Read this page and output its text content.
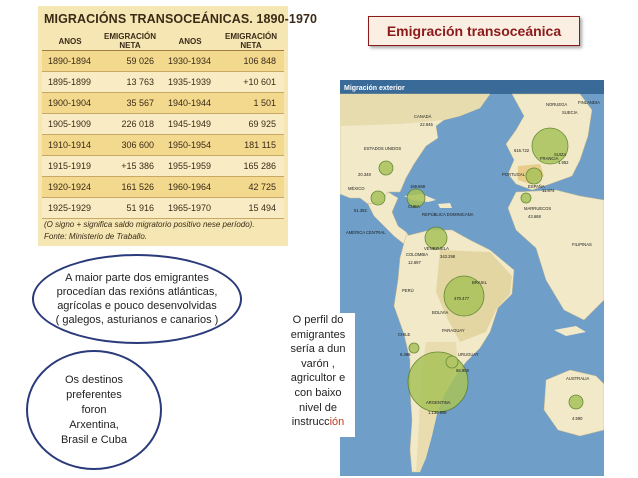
MIGRACIÓNS TRANSOCEÁNICAS. 1890-1970
ANOS	EMIGRACIÓN NETA	ANOS	EMIGRACIÓN NETA
1890-1894	59 026	1930-1934	106 848
1895-1899	13 763	1935-1939	+10 601
1900-1904	35 567	1940-1944	1 501
1905-1909	226 018	1945-1949	69 925
1910-1914	306 600	1950-1954	181 115
1915-1919	+15 386	1955-1959	165 286
1920-1924	161 526	1960-1964	42 725
1925-1929	51 916	1965-1970	15 494
(O signo + significa saldo migratorio positivo nese período).
Fonte: Ministerio de Traballo.
Emigración transoceánica
Migración exterior
CANADÁ
ESTADOS UNIDOS
MÉXICO
CUBA
REPÚBLICA DOMINICANA
AMÉRICA CENTRAL
VENEZUELA
COLOMBIA
BRASIL
PERÚ
BOLIVIA
PARAGUAY
CHILE
URUGUAY
ARGENTINA
NORUEGA
SUECIA
FINLANDIA
FRANCIA
SUIZA
PORTUGAL
ESPAÑA
MARRUECOS
FILIPINAS
AUSTRALIA
22.945
20.348
51.392
169.868
343.298
12.697
470.477
6.398
56.908
1.130.906
616.722
1.952
11.874
43.668
4.590
A maior parte dos emigrantes
procedían das rexións atlánticas,
agrícolas e pouco desenvolvidas
( galegos, asturianos e canarios )
Os destinos
preferentes
foron
Arxentina,
Brasil e Cuba
O perfil do
emigrantes
sería a dun
varón ,
agricultor e
con baixo
nivel de
instrucción
